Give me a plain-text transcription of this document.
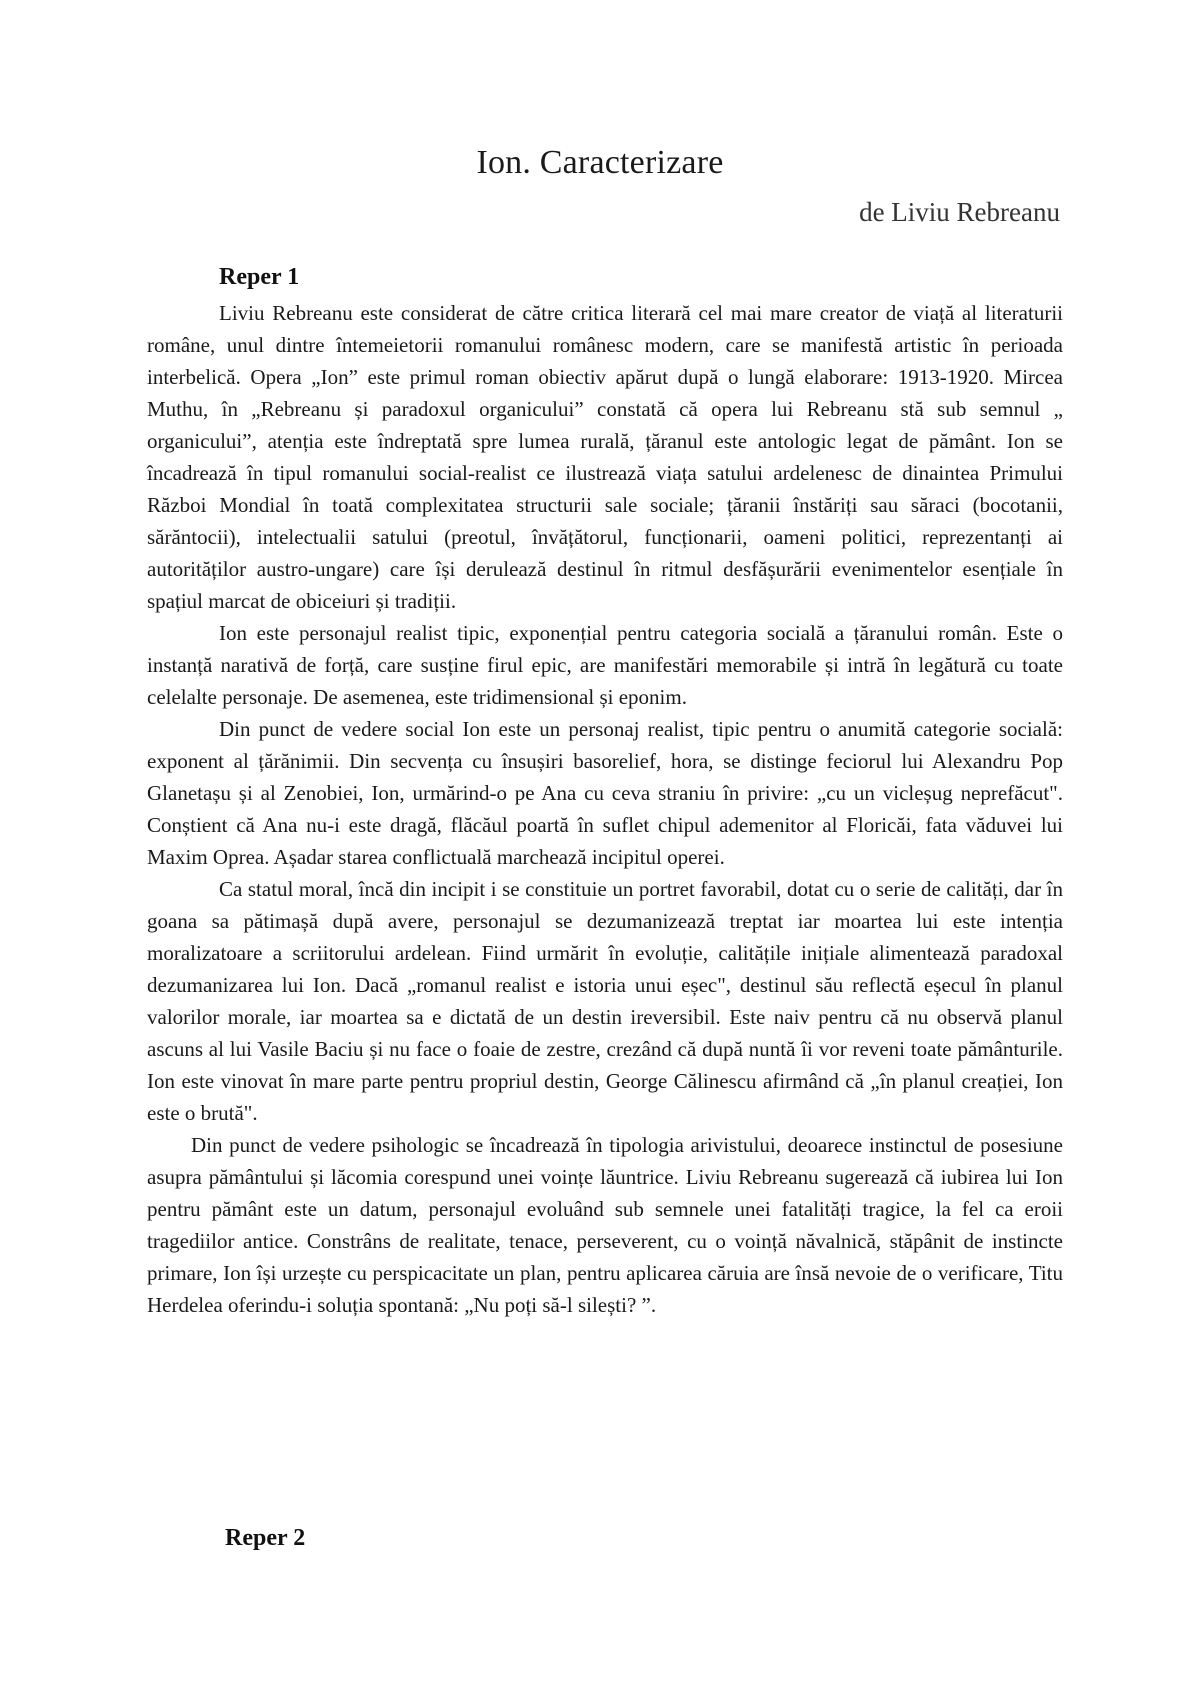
Ion. Caracterizare

de Liviu Rebreanu

Reper 1

Liviu Rebreanu este considerat de către critica literară cel mai mare creator de viață al literaturii române, unul dintre întemeietorii romanului românesc modern, care se manifestă artistic în perioada interbelică. Opera „Ion” este primul roman obiectiv apărut după o lungă elaborare: 1913-1920. Mircea Muthu, în „Rebreanu și paradoxul organicului” constată că opera lui Rebreanu stă sub semnul „ organicului”, atenția este îndreptată spre lumea rurală, țăranul este antologic legat de pământ. Ion se încadrează în tipul romanului social-realist ce ilustrează viața satului ardelenesc de dinaintea Primului Război Mondial în toată complexitatea structurii sale sociale; țăranii înstăriți sau săraci (bocotanii, sărăntocii), intelectualii satului (preotul, învățătorul, funcționarii, oameni politici, reprezentanți ai autorităților austro-ungare) care își derulează destinul în ritmul desfășurării evenimentelor esențiale în spațiul marcat de obiceiuri și tradiții.

Ion este personajul realist tipic, exponențial pentru categoria socială a țăranului român. Este o instanță narativă de forță, care susține firul epic, are manifestări memorabile și intră în legătură cu toate celelalte personaje. De asemenea, este tridimensional și eponim.

Din punct de vedere social Ion este un personaj realist, tipic pentru o anumită categorie socială: exponent al țărănimii. Din secvența cu însușiri basorelief, hora, se distinge feciorul lui Alexandru Pop Glanetașu și al Zenobiei, Ion, urmărind-o pe Ana cu ceva straniu în privire: „cu un vicleșug neprefăcut". Conștient că Ana nu-i este dragă, flăcăul poartă în suflet chipul ademenitor al Floricăi, fata văduvei lui Maxim Oprea. Așadar starea conflictuală marchează incipitul operei.

Ca statul moral, încă din incipit i se constituie un portret favorabil, dotat cu o serie de calități, dar în goana sa pătimașă după avere, personajul se dezumanizează treptat iar moartea lui este intenția moralizatoare a scriitorului ardelean. Fiind urmărit în evoluție, calitățile inițiale alimentează paradoxal dezumanizarea lui Ion. Dacă „romanul realist e istoria unui eșec", destinul său reflectă eșecul în planul valorilor morale, iar moartea sa e dictată de un destin ireversibil. Este naiv pentru că nu observă planul ascuns al lui Vasile Baciu și nu face o foaie de zestre, crezând că după nuntă îi vor reveni toate pământurile. Ion este vinovat în mare parte pentru propriul destin, George Călinescu afirmând că „în planul creației, Ion este o brută".

Din punct de vedere psihologic se încadrează în tipologia arivistului, deoarece instinctul de posesiune asupra pământului și lăcomia corespund unei voințe lăuntrice. Liviu Rebreanu sugerează că iubirea lui Ion pentru pământ este un datum, personajul evoluând sub semnele unei fatalități tragice, la fel ca eroii tragediilor antice. Constrâns de realitate, tenace, perseverent, cu o voință năvalnică, stăpânit de instincte primare, Ion își urzește cu perspicacitate un plan, pentru aplicarea căruia are însă nevoie de o verificare, Titu Herdelea oferindu-i soluția spontană: „Nu poți să-l silești? ”.

Reper 2
